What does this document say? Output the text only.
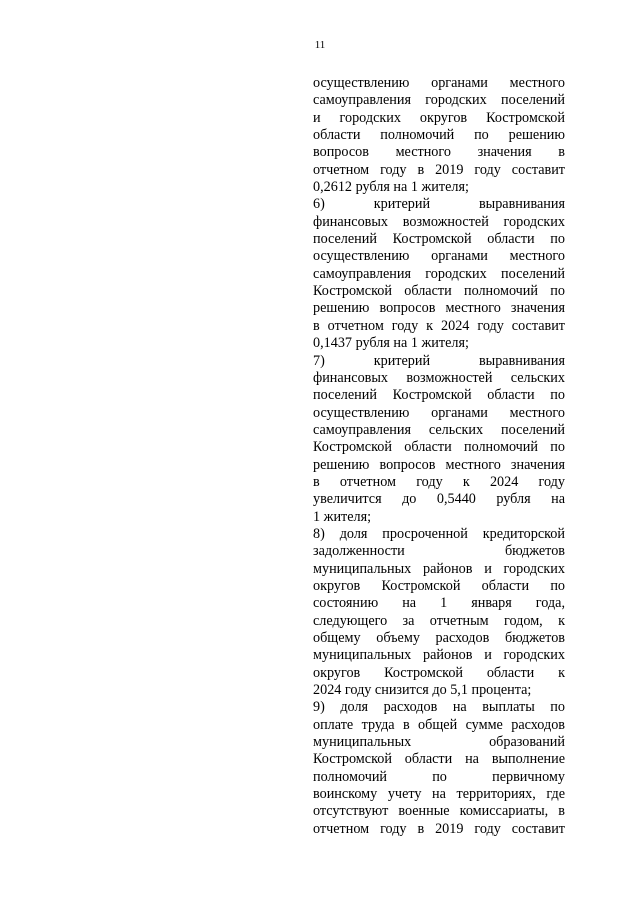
11
осуществлению органами местного
самоуправления городских поселений
и городских округов Костромской
области полномочий по решению
вопросов местного значения в
отчетном году в 2019 году составит
0,2612 рубля на 1 жителя;
6) критерий выравнивания
финансовых возможностей городских
поселений Костромской области по
осуществлению органами местного
самоуправления городских поселений
Костромской области полномочий по
решению вопросов местного значения
в отчетном году к 2024 году составит
0,1437 рубля на 1 жителя;
7) критерий выравнивания
финансовых возможностей сельских
поселений Костромской области по
осуществлению органами местного
самоуправления сельских поселений
Костромской области полномочий по
решению вопросов местного значения
в отчетном году к 2024 году
увеличится до 0,5440 рубля на
1 жителя;
8) доля просроченной кредиторской
задолженности бюджетов
муниципальных районов и городских
округов Костромской области по
состоянию на 1 января года,
следующего за отчетным годом, к
общему объему расходов бюджетов
муниципальных районов и городских
округов Костромской области к
2024 году снизится до 5,1 процента;
9) доля расходов на выплаты по
оплате труда в общей сумме расходов
муниципальных образований
Костромской области на выполнение
полномочий по первичному
воинскому учету на территориях, где
отсутствуют военные комиссариаты, в
отчетном году в 2019 году составит
